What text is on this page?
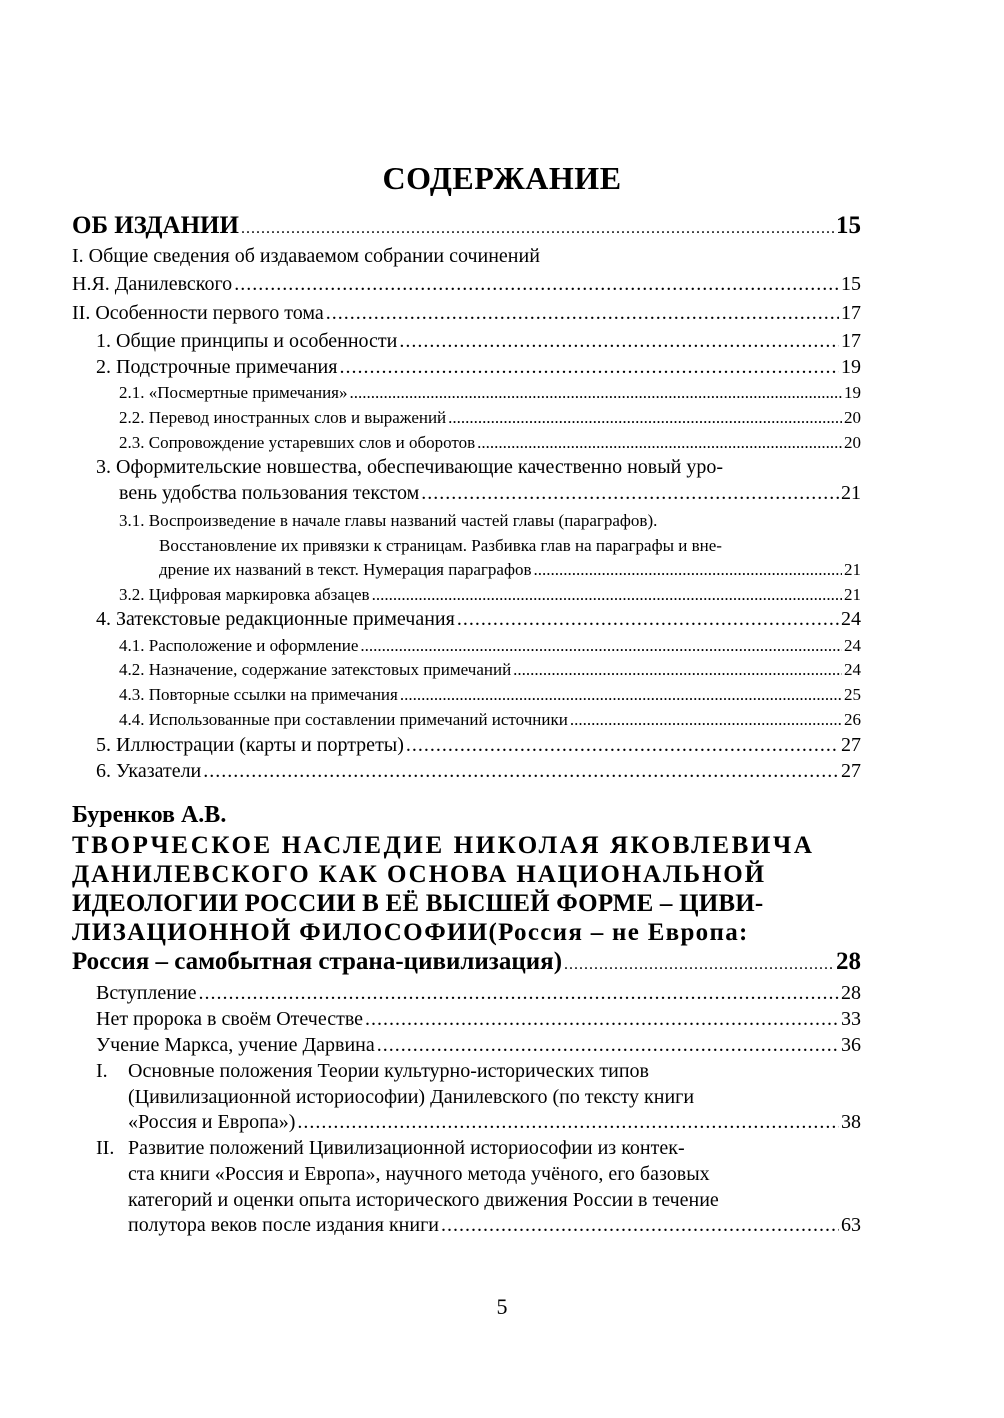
СОДЕРЖАНИЕ
ОБ ИЗДАНИИ .....	15
I. Общие сведения об издаваемом собрании сочинений
Н.Я. Данилевского .....	15
II. Особенности первого тома .....	17
1. Общие принципы и особенности .....	17
2. Подстрочные примечания .....	19
2.1. «Посмертные примечания» .....	19
2.2. Перевод иностранных слов и выражений .....	20
2.3. Сопровождение устаревших слов и оборотов .....	20
3. Оформительские новшества, обеспечивающие качественно новый уро-
вень удобства пользования текстом .....	21
3.1. Воспроизведение в начале главы названий частей главы (параграфов).
Восстановление их привязки к страницам. Разбивка глав на параграфы и вне-
дрение их названий в текст. Нумерация параграфов .....	21
3.2. Цифровая маркировка абзацев .....	21
4. Затекстовые редакционные примечания .....	24
4.1. Расположение и оформление .....	24
4.2. Назначение, содержание затекстовых примечаний .....	24
4.3. Повторные ссылки на примечания .....	25
4.4. Использованные при составлении примечаний источники .....	26
5. Иллюстрации (карты и портреты) .....	27
6. Указатели .....	27
Буренков А.В.
ТВОРЧЕСКОЕ НАСЛЕДИЕ НИКОЛАЯ ЯКОВЛЕВИЧА
ДАНИЛЕВСКОГО КАК ОСНОВА НАЦИОНАЛЬНОЙ
ИДЕОЛОГИИ РОССИИ В ЕЁ ВЫСШЕЙ ФОРМЕ – ЦИВИ-
ЛИЗАЦИОННОЙ ФИЛОСОФИИ(Россия – не Европа:
Россия – самобытная страна-цивилизация) .....	28
Вступление .....	28
Нет пророка в своём Отечестве .....	33
Учение Маркса, учение Дарвина .....	36
I. Основные положения Теории культурно-исторических типов
(Цивилизационной историософии) Данилевского (по тексту книги
«Россия и Европа») .....	38
II. Развитие положений Цивилизационной историософии из контек-
ста книги «Россия и Европа», научного метода учёного, его базовых
категорий и оценки опыта исторического движения России в течение
полутора веков после издания книги .....	63
5
